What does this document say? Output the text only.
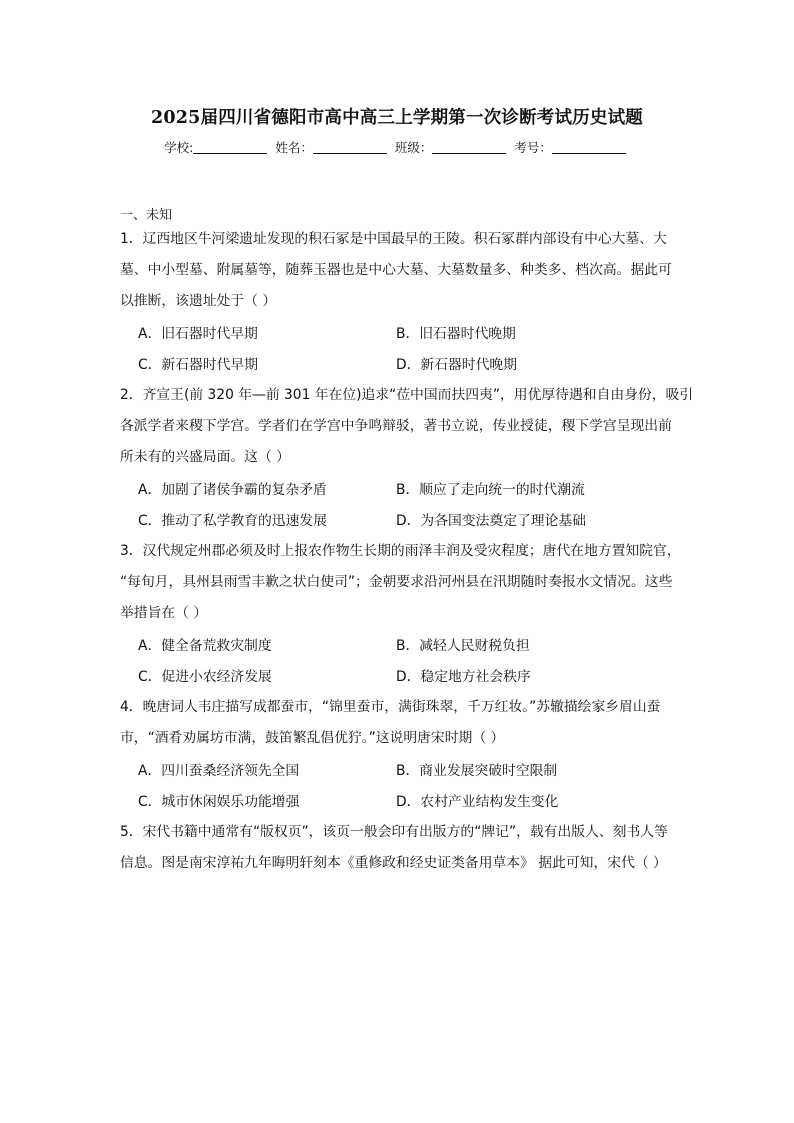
2025届四川省德阳市高中高三上学期第一次诊断考试历史试题
学校:	姓名：	班级：	考号：
一、未知

1．辽西地区牛河梁遗址发现的积石冢是中国最早的王陵。积石冢群内部设有中心大墓、大

墓、中小型墓、附属墓等，随葬玉器也是中心大墓、大墓数量多、种类多、档次高。据此可

以推断，该遗址处于（ ）

A．旧石器时代早期	B．旧石器时代晚期
C．新石器时代早期	D．新石器时代晚期

2．齐宣王(前 320 年—前 301 年在位)追求“莅中国而扶四夷”，用优厚待遇和自由身份，吸引

各派学者来稷下学宫。学者们在学宫中争鸣辩驳，著书立说，传业授徒，稷下学宫呈现出前

所未有的兴盛局面。这（ ）

A．加剧了诸侯争霸的复杂矛盾	B．顺应了走向统一的时代潮流
C．推动了私学教育的迅速发展	D．为各国变法奠定了理论基础

3．汉代规定州郡必须及时上报农作物生长期的雨泽丰润及受灾程度；唐代在地方置知院官，

“每旬月，具州县雨雪丰歉之状白使司”；金朝要求沿河州县在汛期随时奏报水文情况。这些

举措旨在（ ）

A．健全备荒救灾制度	B．减轻人民财税负担
C．促进小农经济发展	D．稳定地方社会秩序

4．晚唐词人韦庄描写成都蚕市，“锦里蚕市，满街珠翠，千万红妆。”苏辙描绘家乡眉山蚕

市，“酒肴劝属坊市满，鼓笛繁乱倡优狞。”这说明唐宋时期（ ）

A．四川蚕桑经济领先全国	B．商业发展突破时空限制
C．城市休闲娱乐功能增强	D．农村产业结构发生变化

5．宋代书籍中通常有“版权页”，该页一般会印有出版方的“牌记”，载有出版人、刻书人等

信息。图是南宋淳祐九年晦明轩刻本《重修政和经史证类备用草本》 据此可知，宋代（ ）
